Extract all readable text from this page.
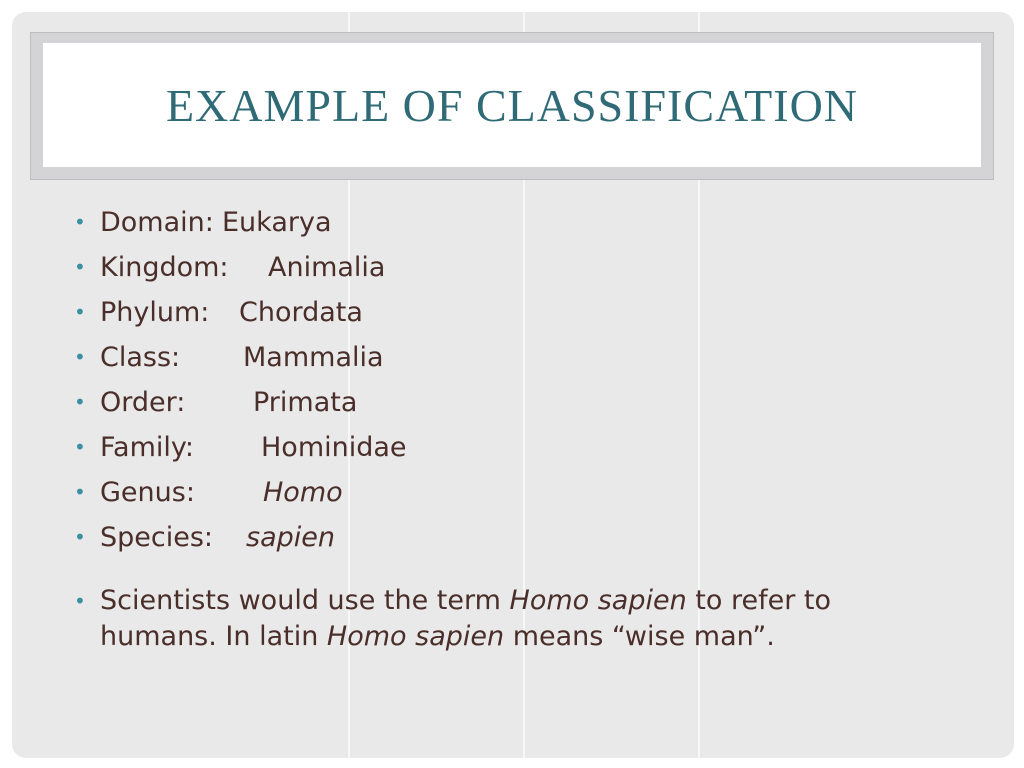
EXAMPLE OF CLASSIFICATION
• Domain: Eukarya
• Kingdom: Animalia
• Phylum: Chordata
• Class: Mammalia
• Order:	Primata
• Family: Hominidae
• Genus:	Homo
• Species: sapien
• Scientists would use the term Homo sapien to refer to humans. In latin Homo sapien means “wise man”.
